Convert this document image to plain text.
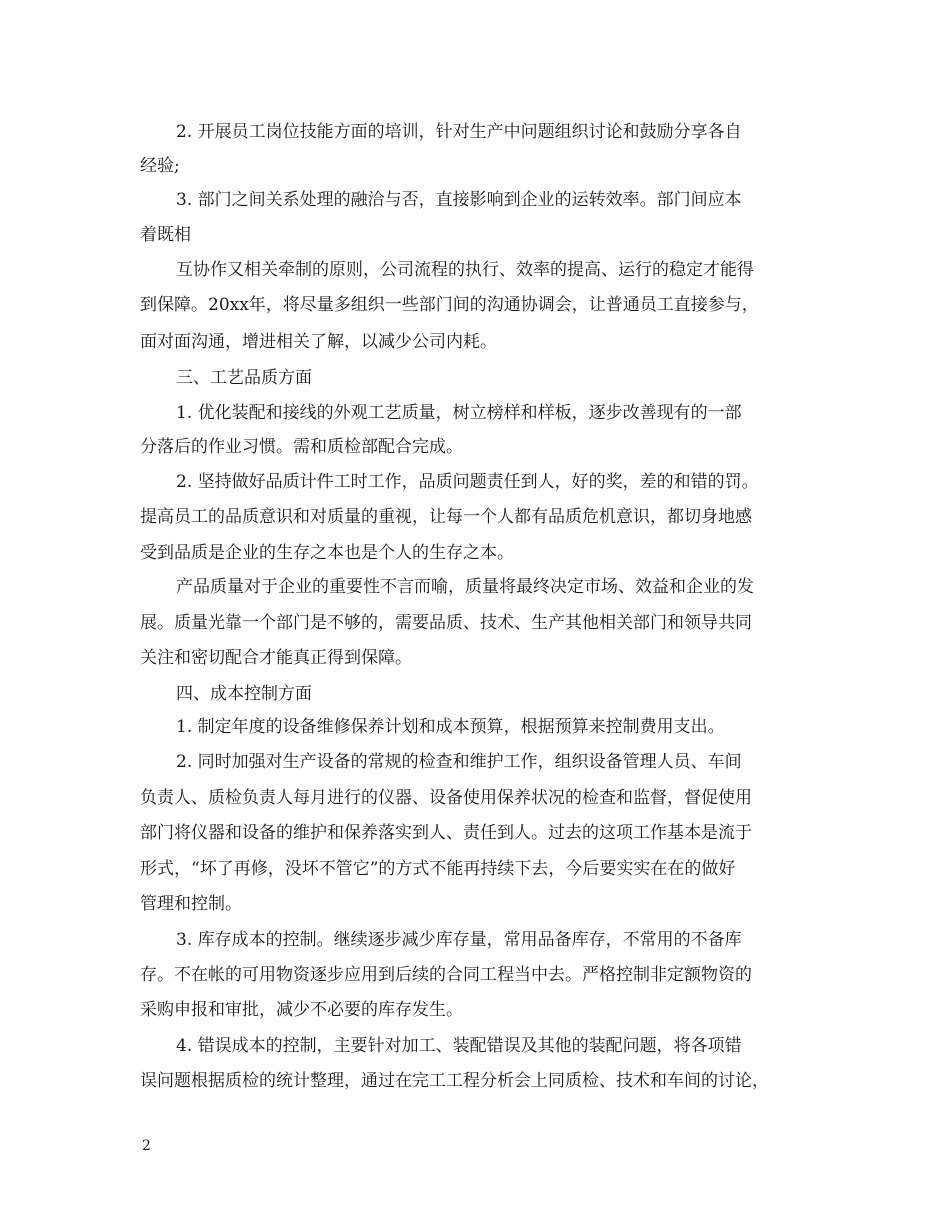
2. 开展员工岗位技能方面的培训，针对生产中问题组织讨论和鼓励分享各自
经验;
3. 部门之间关系处理的融洽与否，直接影响到企业的运转效率。部门间应本
着既相
互协作又相关牵制的原则，公司流程的执行、效率的提高、运行的稳定才能得
到保障。20xx年，将尽量多组织一些部门间的沟通协调会，让普通员工直接参与，
面对面沟通，增进相关了解，以减少公司内耗。
三、工艺品质方面
1. 优化装配和接线的外观工艺质量，树立榜样和样板，逐步改善现有的一部
分落后的作业习惯。需和质检部配合完成。
2. 坚持做好品质计件工时工作，品质问题责任到人，好的奖，差的和错的罚。
提高员工的品质意识和对质量的重视，让每一个人都有品质危机意识，都切身地感
受到品质是企业的生存之本也是个人的生存之本。
产品质量对于企业的重要性不言而喻，质量将最终决定市场、效益和企业的发
展。质量光靠一个部门是不够的，需要品质、技术、生产其他相关部门和领导共同
关注和密切配合才能真正得到保障。
四、成本控制方面
1. 制定年度的设备维修保养计划和成本预算，根据预算来控制费用支出。
2. 同时加强对生产设备的常规的检查和维护工作，组织设备管理人员、车间
负责人、质检负责人每月进行的仪器、设备使用保养状况的检查和监督，督促使用
部门将仪器和设备的维护和保养落实到人、责任到人。过去的这项工作基本是流于
形式，“坏了再修，没坏不管它”的方式不能再持续下去，今后要实实在在的做好
管理和控制。
3. 库存成本的控制。继续逐步减少库存量，常用品备库存，不常用的不备库
存。不在帐的可用物资逐步应用到后续的合同工程当中去。严格控制非定额物资的
采购申报和审批，减少不必要的库存发生。
4. 错误成本的控制，主要针对加工、装配错误及其他的装配问题，将各项错
误问题根据质检的统计整理，通过在完工工程分析会上同质检、技术和车间的讨论，
2
